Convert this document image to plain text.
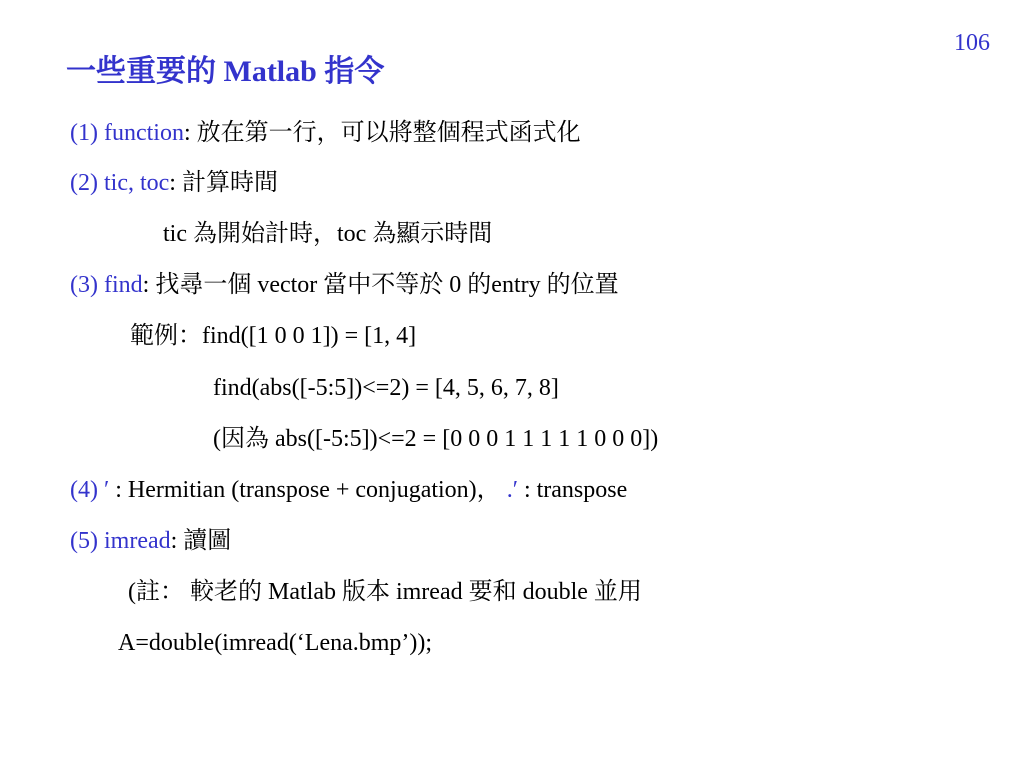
106
一些重要的 Matlab 指令
(1) function: 放在第一行，可以將整個程式函式化
(2) tic, toc: 計算時間
tic 為開始計時，toc 為顯示時間
(3) find: 找尋一個 vector 當中不等於 0 的entry 的位置
範例：find([1 0 0 1]) = [1, 4]
find(abs([-5:5])<=2) = [4, 5, 6, 7, 8]
(因為 abs([-5:5])<=2 = [0 0 0 1 1 1 1 1 0 0 0])
(4) ′ : Hermitian (transpose + conjugation)， .′ : transpose
(5) imread: 讀圖
(註： 較老的 Matlab 版本 imread 要和 double 並用
A=double(imread(‘Lena.bmp’));
